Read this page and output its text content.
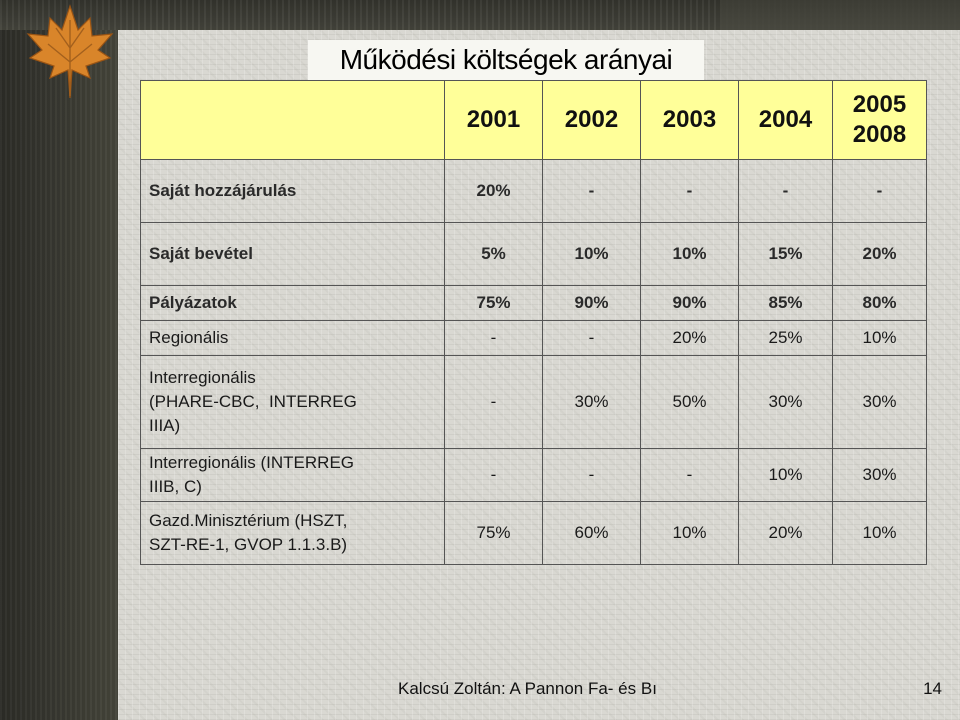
Működési költségek arányai
	2001	2002	2003	2004	2005
2008

Saját hozzájárulás	20%	-	-	-	-
Saját bevétel	5%	10%	10%	15%	20%
Pályázatok	75%	90%	90%	85%	80%
Regionális	-	-	20%	25%	10%

Interregionális
(PHARE-CBC,  INTERREG
IIIA)	-	30%	50%	30%	30%

Interregionális (INTERREG
IIIB, C)	-	-	-	10%	30%

Gazd.Minisztérium (HSZT,
SZT-RE-1, GVOP 1.1.3.B)	75%	60%	10%	20%	10%
Kalcsú Zoltán: A Pannon Fa- és Bı	14
